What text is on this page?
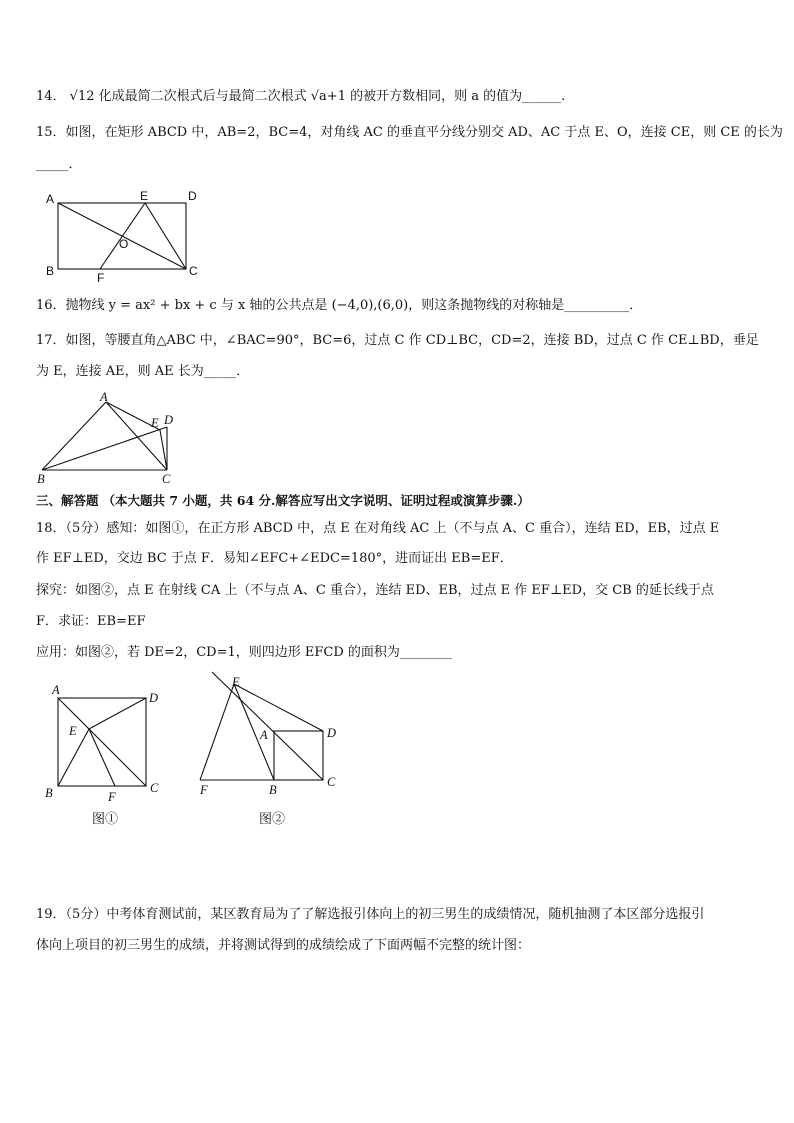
14． √12 化成最简二次根式后与最简二次根式 √a+1 的被开方数相同，则 a 的值为______.
15．如图，在矩形 ABCD 中，AB=2，BC=4，对角线 AC 的垂直平分线分别交 AD、AC 于点 E、O，连接 CE，则 CE 的长为
_____．
A	E	D
O
B	F	C
16．抛物线 y = ax² + bx + c 与 x 轴的公共点是 (−4,0),(6,0)，则这条抛物线的对称轴是__________．
17．如图，等腰直角△ABC 中，∠BAC=90°，BC=6，过点 C 作 CD⊥BC，CD=2，连接 BD，过点 C 作 CE⊥BD，垂足
为 E，连接 AE，则 AE 长为_____．
A
E D
B	C
三、解答题 （本大题共 7 小题，共 64 分.解答应写出文字说明、证明过程或演算步骤.）
18．（5分）感知：如图①，在正方形 ABCD 中，点 E 在对角线 AC 上（不与点 A、C 重合），连结 ED，EB，过点 E
作 EF⊥ED，交边 BC 于点 F．易知∠EFC+∠EDC=180°，进而证出 EB=EF．
探究：如图②，点 E 在射线 CA 上（不与点 A、C 重合），连结 ED、EB，过点 E 作 EF⊥ED，交 CB 的延长线于点
F．求证：EB=EF
应用：如图②，若 DE=2，CD=1，则四边形 EFCD 的面积为________
A
D
E
B	F
C
图①
E
A	D
F	B
C
图②
19．（5分）中考体育测试前，某区教育局为了了解选报引体向上的初三男生的成绩情况，随机抽测了本区部分选报引
体向上项目的初三男生的成绩，并将测试得到的成绩绘成了下面两幅不完整的统计图：
